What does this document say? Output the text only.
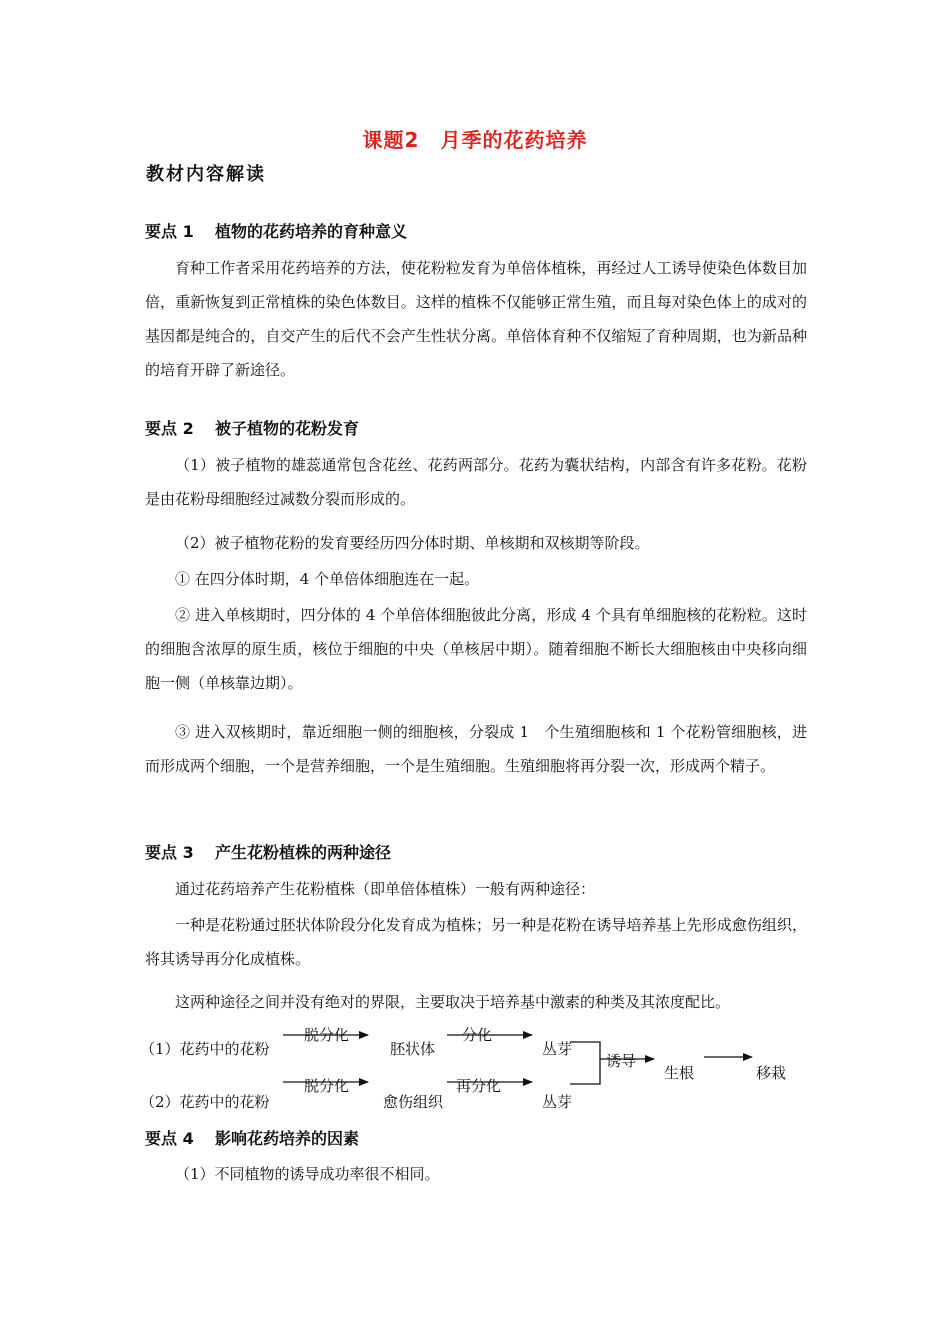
课题2　月季的花药培养
教材内容解读
要点 1 植物的花药培养的育种意义

育种工作者采用花药培养的方法，使花粉粒发育为单倍体植株，再经过人工诱导使染色体数目加倍，重新恢复到正常植株的染色体数目。这样的植株不仅能够正常生殖，而且每对染色体上的成对的基因都是纯合的，自交产生的后代不会产生性状分离。单倍体育种不仅缩短了育种周期，也为新品种的培育开辟了新途径。

要点 2 被子植物的花粉发育

（1）被子植物的雄蕊通常包含花丝、花药两部分。花药为囊状结构，内部含有许多花粉。花粉是由花粉母细胞经过减数分裂而形成的。

（2）被子植物花粉的发育要经历四分体时期、单核期和双核期等阶段。

① 在四分体时期，4 个单倍体细胞连在一起。

② 进入单核期时，四分体的 4 个单倍体细胞彼此分离，形成 4 个具有单细胞核的花粉粒。这时的细胞含浓厚的原生质，核位于细胞的中央（单核居中期）。随着细胞不断长大细胞核由中央移向细胞一侧（单核靠边期）。

③ 进入双核期时，靠近细胞一侧的细胞核，分裂成 1　个生殖细胞核和 1 个花粉管细胞核，进而形成两个细胞，一个是营养细胞，一个是生殖细胞。生殖细胞将再分裂一次，形成两个精子。

要点 3 产生花粉植株的两种途径

通过花药培养产生花粉植株（即单倍体植株）一般有两种途径：

一种是花粉通过胚状体阶段分化发育成为植株；另一种是花粉在诱导培养基上先形成愈伤组织，将其诱导再分化成植株。

这两种途径之间并没有绝对的界限，主要取决于培养基中激素的种类及其浓度配比。

（1）花药中的花粉
脱分化
胚状体
分化
丛芽
诱导
生根	移栽
脱分化	再分化
（2）花药中的花粉	愈伤组织	丛芽
要点 4 影响花药培养的因素

（1）不同植物的诱导成功率很不相同。
